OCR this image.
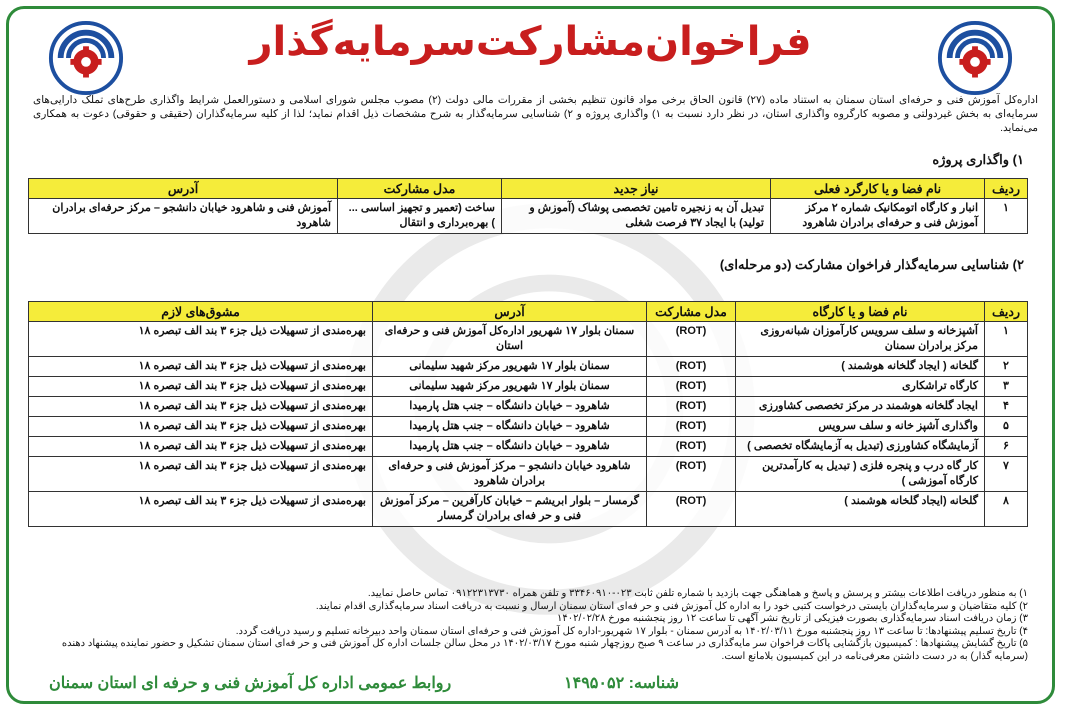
فراخوان‌مشارکت‌سرمایه‌گذار
اداره‌کل آموزش فنی و حرفه‌ای استان سمنان به استناد ماده (۲۷) قانون الحاق برخی مواد قانون تنظیم بخشی از مقررات مالی دولت (۲) مصوب مجلس شورای اسلامی و دستورالعمل شرایط واگذاری طرح‌های تملک دارایی‌های سرمایه‌ای به بخش غیردولتی و مصوبه کارگروه واگذاری استان، در نظر دارد نسبت به ۱) واگذاری پروژه و ۲) شناسایی سرمایه‌گذار به شرح مشخصات ذیل اقدام نماید؛ لذا از کلیه سرمایه‌گذاران (حقیقی و حقوقی) دعوت به همکاری می‌نماید.
۱) واگذاری پروژه
ردیف	نام فضا و یا کارگرد فعلی	نیاز جدید	مدل مشارکت	آدرس
۱	انبار و کارگاه اتومکانیک شماره ۲ مرکز آموزش فنی و حرفه‌ای برادران شاهرود	تبدیل آن به زنجیره تامین تخصصی پوشاک (آموزش و تولید) با ایجاد ۳۷ فرصت شغلی	ساخت (تعمیر و تجهیز اساسی ... ) بهره‌برداری و انتقال	آموزش فنی و شاهرود خیابان دانشجو – مرکز حرفه‌ای برادران شاهرود
۲) شناسایی سرمایه‌گذار فراخوان مشارکت (دو مرحله‌ای)
ردیف	نام فضا و یا کارگاه	مدل مشارکت	آدرس	مشوق‌های لازم
۱	آشپزخانه و سلف سرویس کارآموزان شبانه‌روزی مرکز برادران سمنان	(ROT)	سمنان بلوار ۱۷ شهریور اداره‌کل آموزش فنی و حرفه‌ای استان	بهره‌مندی از تسهیلات ذیل جزء ۳ بند الف تبصره ۱۸
۲	گلخانه ( ایجاد گلخانه هوشمند )	(ROT)	سمنان بلوار ۱۷ شهریور مرکز شهید سلیمانی	بهره‌مندی از تسهیلات ذیل جزء ۳ بند الف تبصره ۱۸
۳	کارگاه تراشکاری	(ROT)	سمنان بلوار ۱۷ شهریور مرکز شهید سلیمانی	بهره‌مندی از تسهیلات ذیل جزء ۳ بند الف تبصره ۱۸
۴	ایجاد گلخانه هوشمند در مرکز تخصصی کشاورزی	(ROT)	شاهرود – خیابان دانشگاه – جنب هتل پارمیدا	بهره‌مندی از تسهیلات ذیل جزء ۳ بند الف تبصره ۱۸
۵	واگذاری آشپز خانه و سلف سرویس	(ROT)	شاهرود – خیابان دانشگاه – جنب هتل پارمیدا	بهره‌مندی از تسهیلات ذیل جزء ۳ بند الف تبصره ۱۸
۶	آزمایشگاه کشاورزی (تبدیل به آزمایشگاه تخصصی )	(ROT)	شاهرود – خیابان دانشگاه – جنب هتل پارمیدا	بهره‌مندی از تسهیلات ذیل جزء ۳ بند الف تبصره ۱۸
۷	کار گاه درب و پنجره فلزی ( تبدیل به کارآمدترین کارگاه آموزشی )	(ROT)	شاهرود خیابان دانشجو – مرکز آموزش فنی و حرفه‌ای برادران شاهرود	بهره‌مندی از تسهیلات ذیل جزء ۳ بند الف تبصره ۱۸
۸	گلخانه (ایجاد گلخانه هوشمند )	(ROT)	گرمسار – بلوار ابریشم – خیابان کارآفرین – مرکز آموزش فنی و حر فه‌ای برادران گرمسار	بهره‌مندی از تسهیلات ذیل جزء ۳ بند الف تبصره ۱۸
۱) به منظور دریافت اطلاعات بیشتر و پرسش و پاسخ و هماهنگی جهت بازدید با شماره تلفن ثابت ۰۲۳-۳۳۴۶۰۹۱۰ و تلفن همراه ۰۹۱۲۲۳۱۳۷۳۰ تماس حاصل نمایید.
۲) کلیه متقاضیان و سرمایه‌گذاران بایستی درخواست کتبی خود را به اداره کل آموزش فنی و حر فه‌ای استان سمنان ارسال و نسبت به دریافت اسناد سرمایه‌گذاری اقدام نمایند.
۳) زمان دریافت اسناد سرمایه‌گذاری بصورت فیزیکی از تاریخ نشر آگهی تا ساعت ۱۲ روز پنجشنبه مورخ ۱۴۰۲/۰۲/۲۸
۴) تاریخ تسلیم پیشنهادها: تا ساعت ۱۳ روز پنجشنبه مورخ ۱۴۰۲/۰۳/۱۱ به آدرس سمنان - بلوار ۱۷ شهریور-اداره کل آموزش فنی و حرفه‌ای استان سمنان واحد دبیرخانه تسلیم و رسید دریافت گردد.
۵) تاریخ گشایش پیشنهادها : کمیسیون بازگشایی پاکات فراخوان سر مایه‌گذاری در ساعت ۹ صبح روزچهار شنبه مورخ ۱۴۰۲/۰۳/۱۷ در محل سالن جلسات اداره کل آموزش فنی و حر فه‌ای استان سمنان تشکیل و حضور نماینده پیشنهاد دهنده (سرمایه گذار) به در دست داشتن معرفی‌نامه در این کمیسیون بلامانع است.
روابط عمومی اداره کل آموزش فنی و حرفه ای استان سمنان	شناسه: ۱۴۹۵۰۵۲
